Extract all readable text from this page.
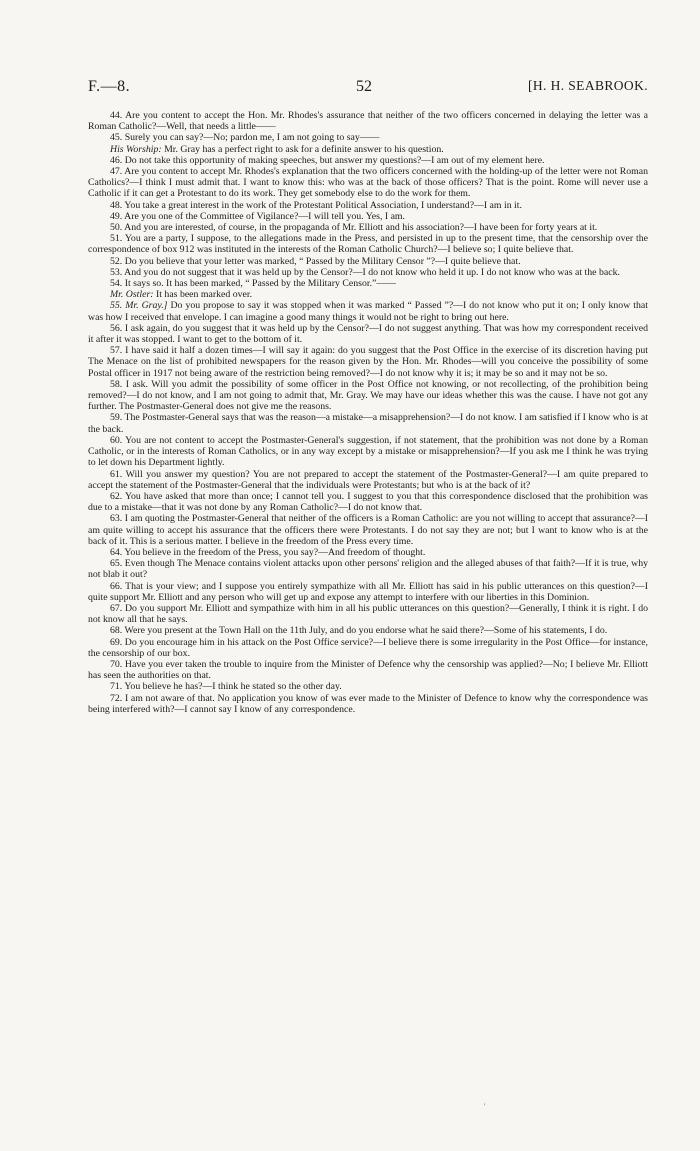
F.—8.	52	[H. H. SEABROOK.

44. Are you content to accept the Hon. Mr. Rhodes's assurance that neither of the two officers concerned in delaying the letter was a Roman Catholic?—Well, that needs a little——

45. Surely you can say?—No; pardon me, I am not going to say——

His Worship: Mr. Gray has a perfect right to ask for a definite answer to his question.

46. Do not take this opportunity of making speeches, but answer my questions?—I am out of my element here.

47. Are you content to accept Mr. Rhodes's explanation that the two officers concerned with the holding-up of the letter were not Roman Catholics?—I think I must admit that. I want to know this: who was at the back of those officers? That is the point. Rome will never use a Catholic if it can get a Protestant to do its work. They get somebody else to do the work for them.

48. You take a great interest in the work of the Protestant Political Association, I understand?—I am in it.

49. Are you one of the Committee of Vigilance?—I will tell you. Yes, I am.

50. And you are interested, of course, in the propaganda of Mr. Elliott and his association?—I have been for forty years at it.

51. You are a party, I suppose, to the allegations made in the Press, and persisted in up to the present time, that the censorship over the correspondence of box 912 was instituted in the interests of the Roman Catholic Church?—I believe so; I quite believe that.

52. Do you believe that your letter was marked, “ Passed by the Military Censor ”?—I quite believe that.

53. And you do not suggest that it was held up by the Censor?—I do not know who held it up. I do not know who was at the back.

54. It says so. It has been marked, “ Passed by the Military Censor.”——

Mr. Ostler: It has been marked over.

55. Mr. Gray.] Do you propose to say it was stopped when it was marked “ Passed ”?—I do not know who put it on; I only know that was how I received that envelope. I can imagine a good many things it would not be right to bring out here.

56. I ask again, do you suggest that it was held up by the Censor?—I do not suggest anything. That was how my correspondent received it after it was stopped. I want to get to the bottom of it.

57. I have said it half a dozen times—I will say it again: do you suggest that the Post Office in the exercise of its discretion having put The Menace on the list of prohibited newspapers for the reason given by the Hon. Mr. Rhodes—will you conceive the possibility of some Postal officer in 1917 not being aware of the restriction being removed?—I do not know why it is; it may be so and it may not be so.

58. I ask. Will you admit the possibility of some officer in the Post Office not knowing, or not recollecting, of the prohibition being removed?—I do not know, and I am not going to admit that, Mr. Gray. We may have our ideas whether this was the cause. I have not got any further. The Postmaster-General does not give me the reasons.

59. The Postmaster-General says that was the reason—a mistake—a misapprehension?—I do not know. I am satisfied if I know who is at the back.

60. You are not content to accept the Postmaster-General's suggestion, if not statement, that the prohibition was not done by a Roman Catholic, or in the interests of Roman Catholics, or in any way except by a mistake or misapprehension?—If you ask me I think he was trying to let down his Department lightly.

61. Will you answer my question? You are not prepared to accept the statement of the Postmaster-General?—I am quite prepared to accept the statement of the Postmaster-General that the individuals were Protestants; but who is at the back of it?

62. You have asked that more than once; I cannot tell you. I suggest to you that this correspondence disclosed that the prohibition was due to a mistake—that it was not done by any Roman Catholic?—I do not know that.

63. I am quoting the Postmaster-General that neither of the officers is a Roman Catholic: are you not willing to accept that assurance?—I am quite willing to accept his assurance that the officers there were Protestants. I do not say they are not; but I want to know who is at the back of it. This is a serious matter. I believe in the freedom of the Press every time.

64. You believe in the freedom of the Press, you say?—And freedom of thought.

65. Even though The Menace contains violent attacks upon other persons' religion and the alleged abuses of that faith?—If it is true, why not blab it out?

66. That is your view; and I suppose you entirely sympathize with all Mr. Elliott has said in his public utterances on this question?—I quite support Mr. Elliott and any person who will get up and expose any attempt to interfere with our liberties in this Dominion.

67. Do you support Mr. Elliott and sympathize with him in all his public utterances on this question?—Generally, I think it is right. I do not know all that he says.

68. Were you present at the Town Hall on the 11th July, and do you endorse what he said there?—Some of his statements, I do.

69. Do you encourage him in his attack on the Post Office service?—I believe there is some irregularity in the Post Office—for instance, the censorship of our box.

70. Have you ever taken the trouble to inquire from the Minister of Defence why the censorship was applied?—No; I believe Mr. Elliott has seen the authorities on that.

71. You believe he has?—I think he stated so the other day.

72. I am not aware of that. No application you know of was ever made to the Minister of Defence to know why the correspondence was being interfered with?—I cannot say I know of any correspondence.

'
